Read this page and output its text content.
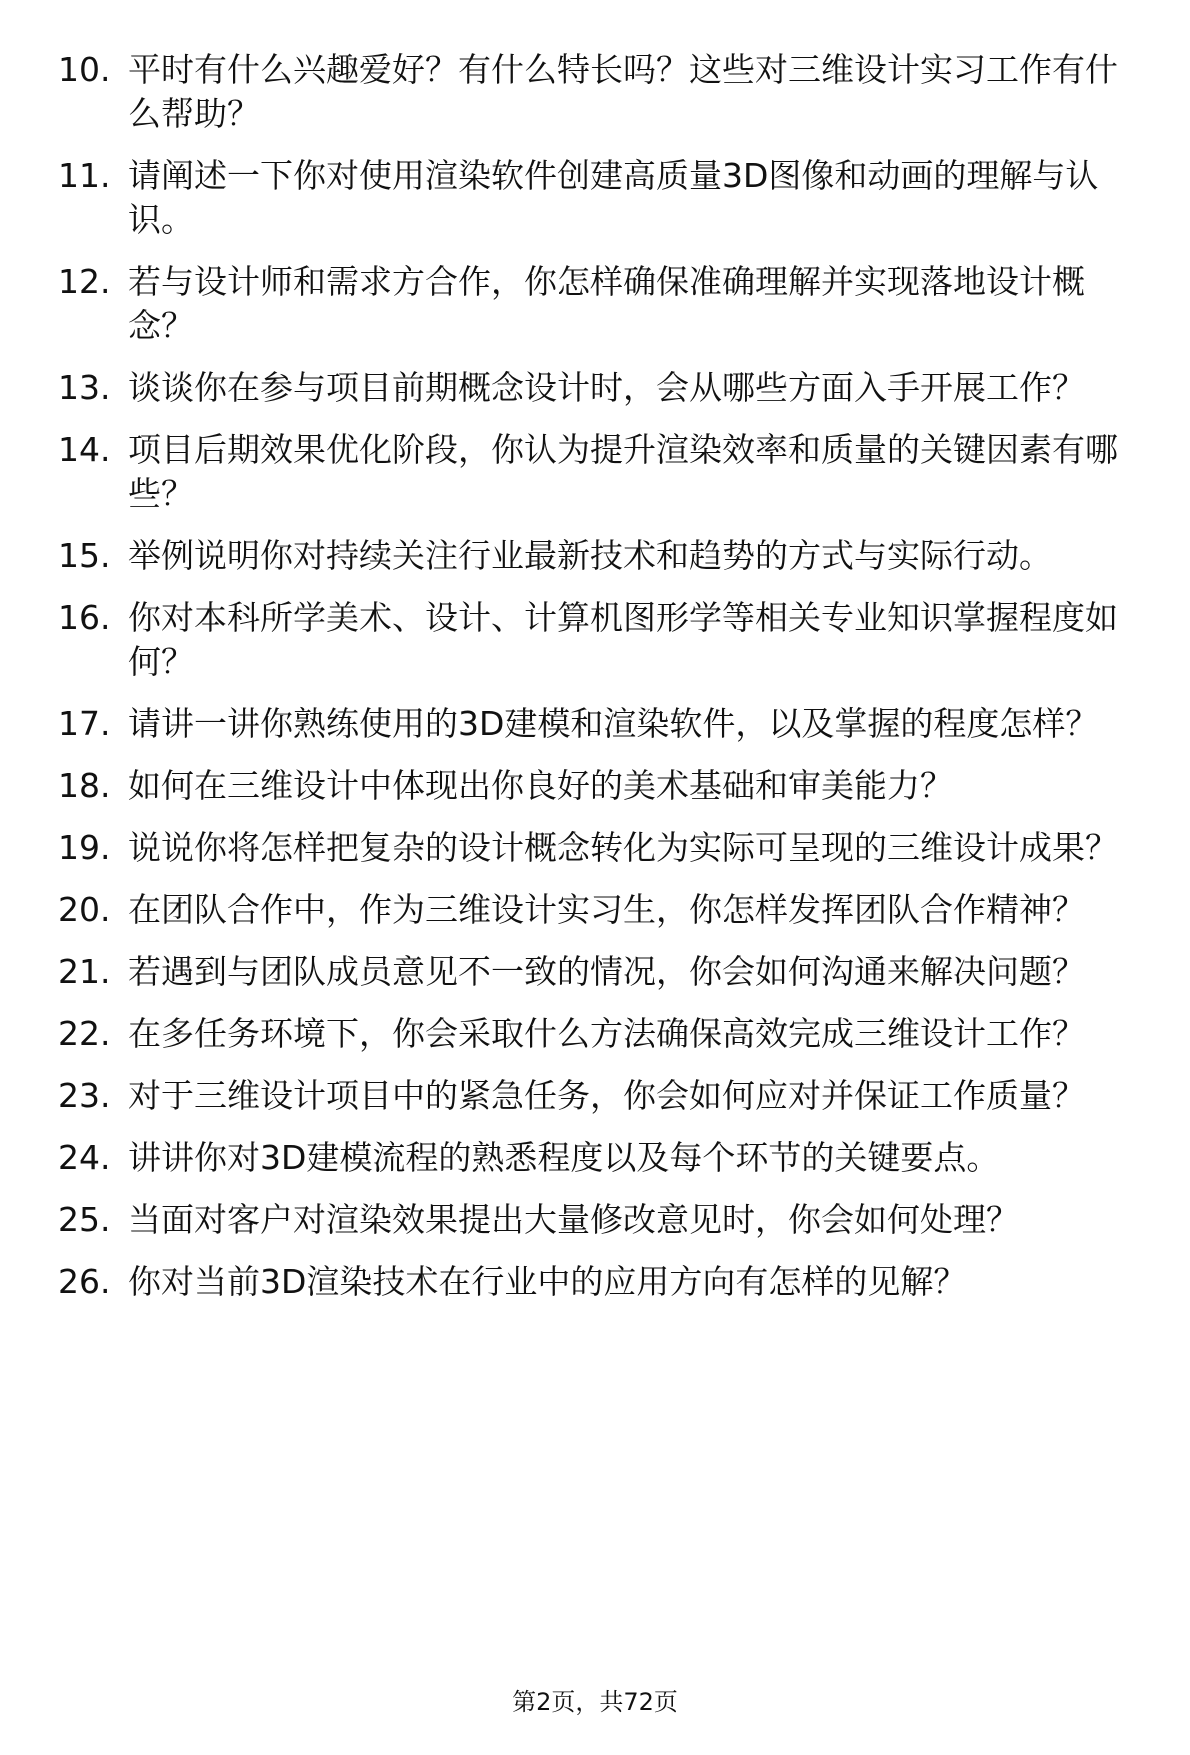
10. 平时有什么兴趣爱好？有什么特长吗？这些对三维设计实习工作有什么帮助？
11. 请阐述一下你对使用渲染软件创建高质量3D图像和动画的理解与认识。
12. 若与设计师和需求方合作，你怎样确保准确理解并实现落地设计概念？
13. 谈谈你在参与项目前期概念设计时，会从哪些方面入手开展工作？
14. 项目后期效果优化阶段，你认为提升渲染效率和质量的关键因素有哪些？
15. 举例说明你对持续关注行业最新技术和趋势的方式与实际行动。
16. 你对本科所学美术、设计、计算机图形学等相关专业知识掌握程度如何？
17. 请讲一讲你熟练使用的3D建模和渲染软件，以及掌握的程度怎样？
18. 如何在三维设计中体现出你良好的美术基础和审美能力？
19. 说说你将怎样把复杂的设计概念转化为实际可呈现的三维设计成果？
20. 在团队合作中，作为三维设计实习生，你怎样发挥团队合作精神？
21. 若遇到与团队成员意见不一致的情况，你会如何沟通来解决问题？
22. 在多任务环境下，你会采取什么方法确保高效完成三维设计工作？
23. 对于三维设计项目中的紧急任务，你会如何应对并保证工作质量？
24. 讲讲你对3D建模流程的熟悉程度以及每个环节的关键要点。
25. 当面对客户对渲染效果提出大量修改意见时，你会如何处理？
26. 你对当前3D渲染技术在行业中的应用方向有怎样的见解？
第2页，共72页
